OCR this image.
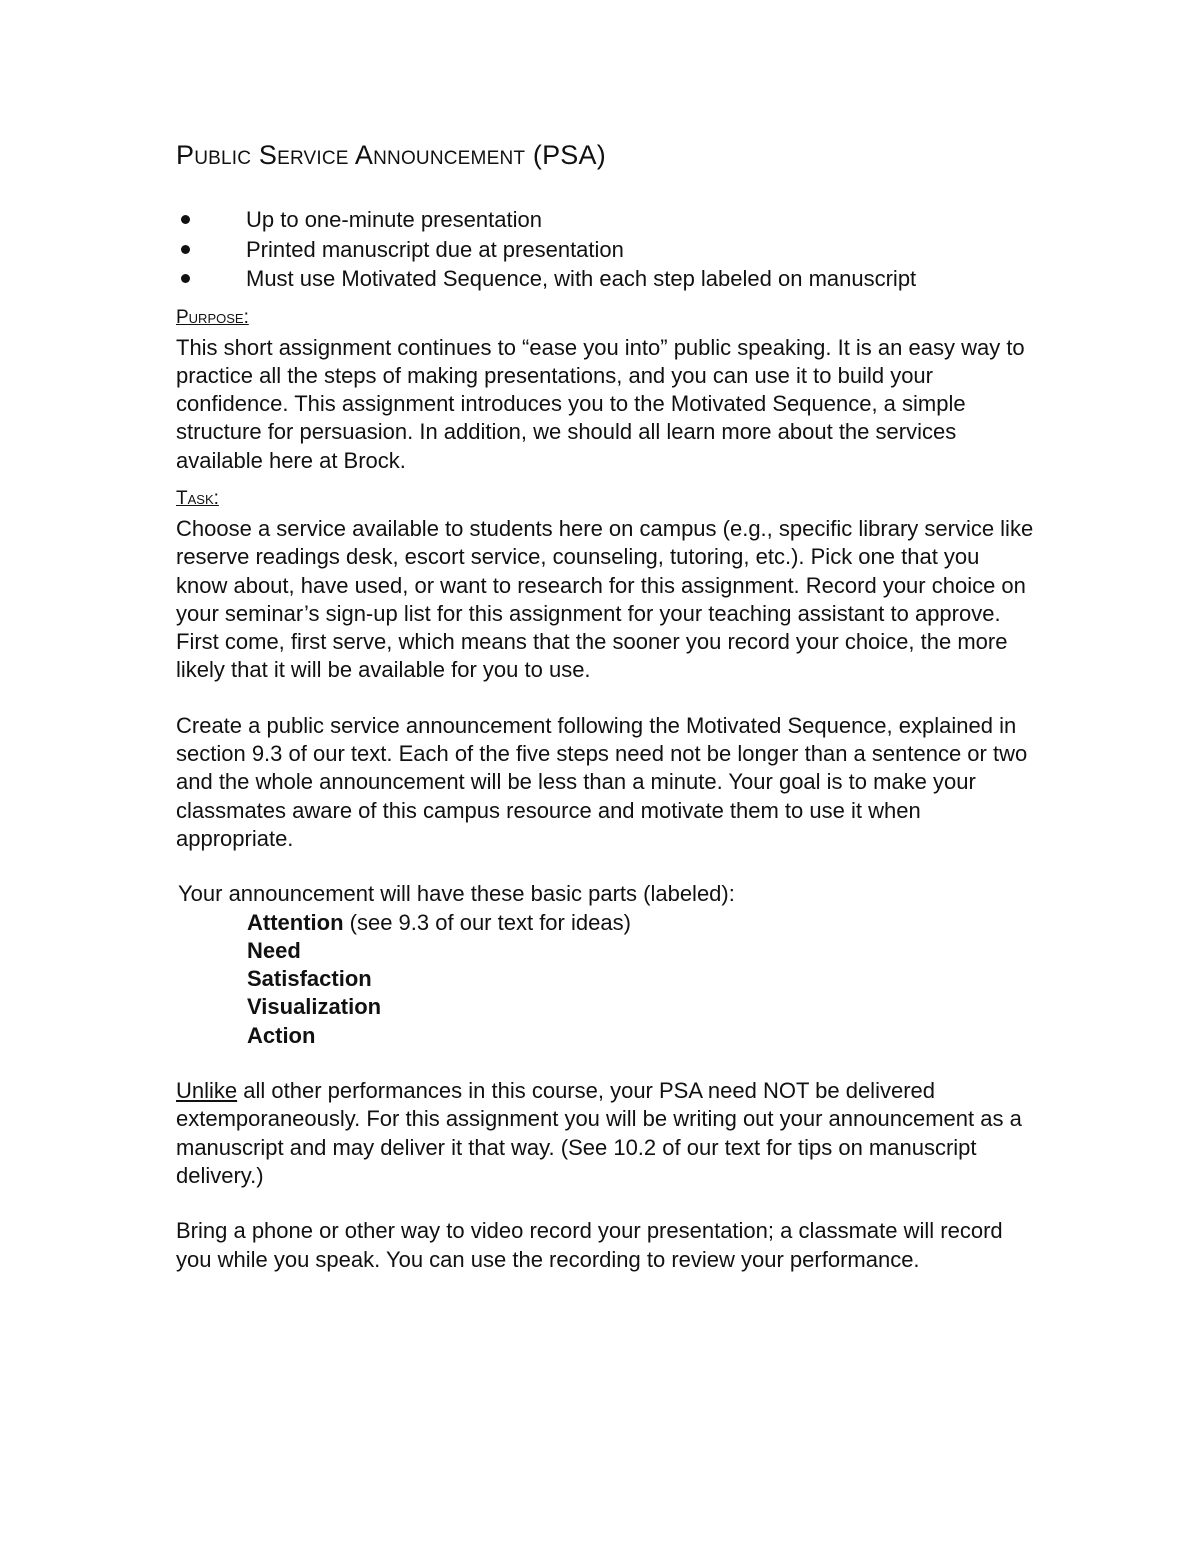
Public Service Announcement (PSA)
Up to one-minute presentation
Printed manuscript due at presentation
Must use Motivated Sequence, with each step labeled on manuscript
Purpose:

This short assignment continues to “ease you into” public speaking. It is an easy way to practice all the steps of making presentations, and you can use it to build your confidence. This assignment introduces you to the Motivated Sequence, a simple structure for persuasion. In addition, we should all learn more about the services available here at Brock.

Task:

Choose a service available to students here on campus (e.g., specific library service like reserve readings desk, escort service, counseling, tutoring, etc.). Pick one that you know about, have used, or want to research for this assignment. Record your choice on your seminar’s sign-up list for this assignment for your teaching assistant to approve. First come, first serve, which means that the sooner you record your choice, the more likely that it will be available for you to use.

Create a public service announcement following the Motivated Sequence, explained in section 9.3 of our text. Each of the five steps need not be longer than a sentence or two and the whole announcement will be less than a minute. Your goal is to make your classmates aware of this campus resource and motivate them to use it when appropriate.

Your announcement will have these basic parts (labeled):

Attention (see 9.3 of our text for ideas)
Need
Satisfaction
Visualization
Action

Unlike all other performances in this course, your PSA need NOT be delivered extemporaneously. For this assignment you will be writing out your announcement as a manuscript and may deliver it that way. (See 10.2 of our text for tips on manuscript delivery.)

Bring a phone or other way to video record your presentation; a classmate will record you while you speak. You can use the recording to review your performance.
